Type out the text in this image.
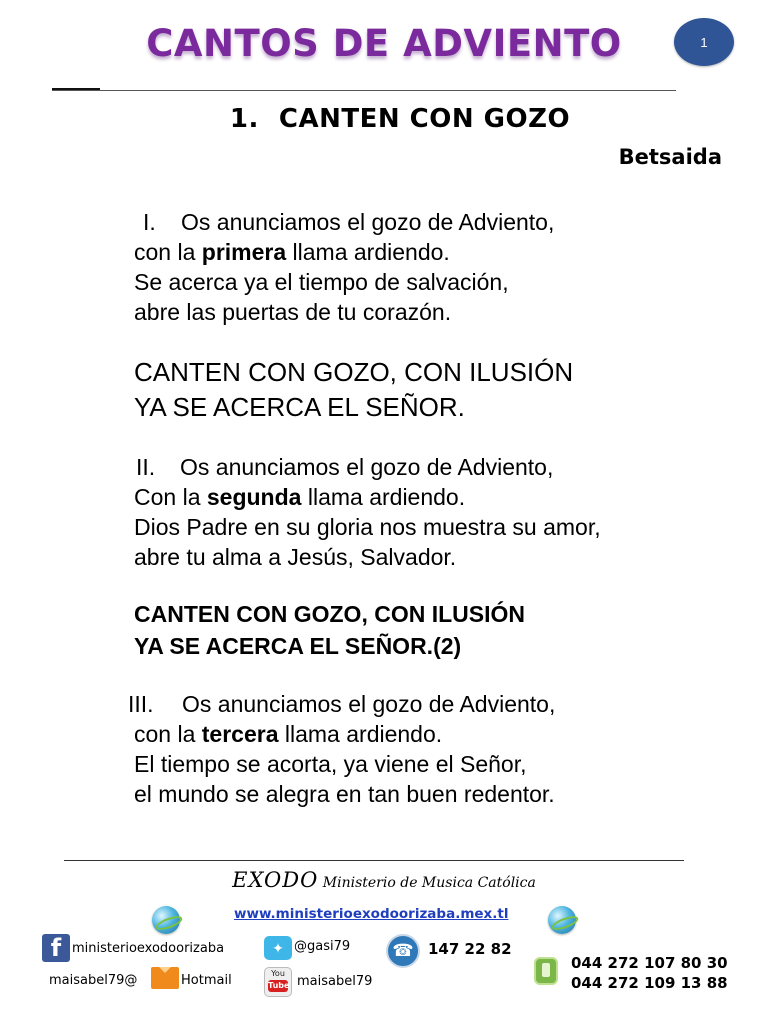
CANTOS DE ADVIENTO	1
1. CANTEN CON GOZO
Betsaida
I. Os anunciamos el gozo de Adviento,
con la primera llama ardiendo.
Se acerca ya el tiempo de salvación,
abre las puertas de tu corazón.
CANTEN CON GOZO, CON ILUSIÓN
YA SE ACERCA EL SEÑOR.
II. Os anunciamos el gozo de Adviento,
Con la segunda llama ardiendo.
Dios Padre en su gloria nos muestra su amor,
abre tu alma a Jesús, Salvador.
CANTEN CON GOZO, CON ILUSIÓN
YA SE ACERCA EL SEÑOR.(2)
III. Os anunciamos el gozo de Adviento,
con la tercera llama ardiendo.
El tiempo se acorta, ya viene el Señor,
el mundo se alegra en tan buen redentor.
EXODO Ministerio de Musica Católica
www.ministerioexodoorizaba.mex.tl
f ministerioexodoorizaba	✦ @gasi79	☎ 147 22 82
044 272 107 80 30
044 272 109 13 88
maisabel79@	Hotmail	You
Tube maisabel79
